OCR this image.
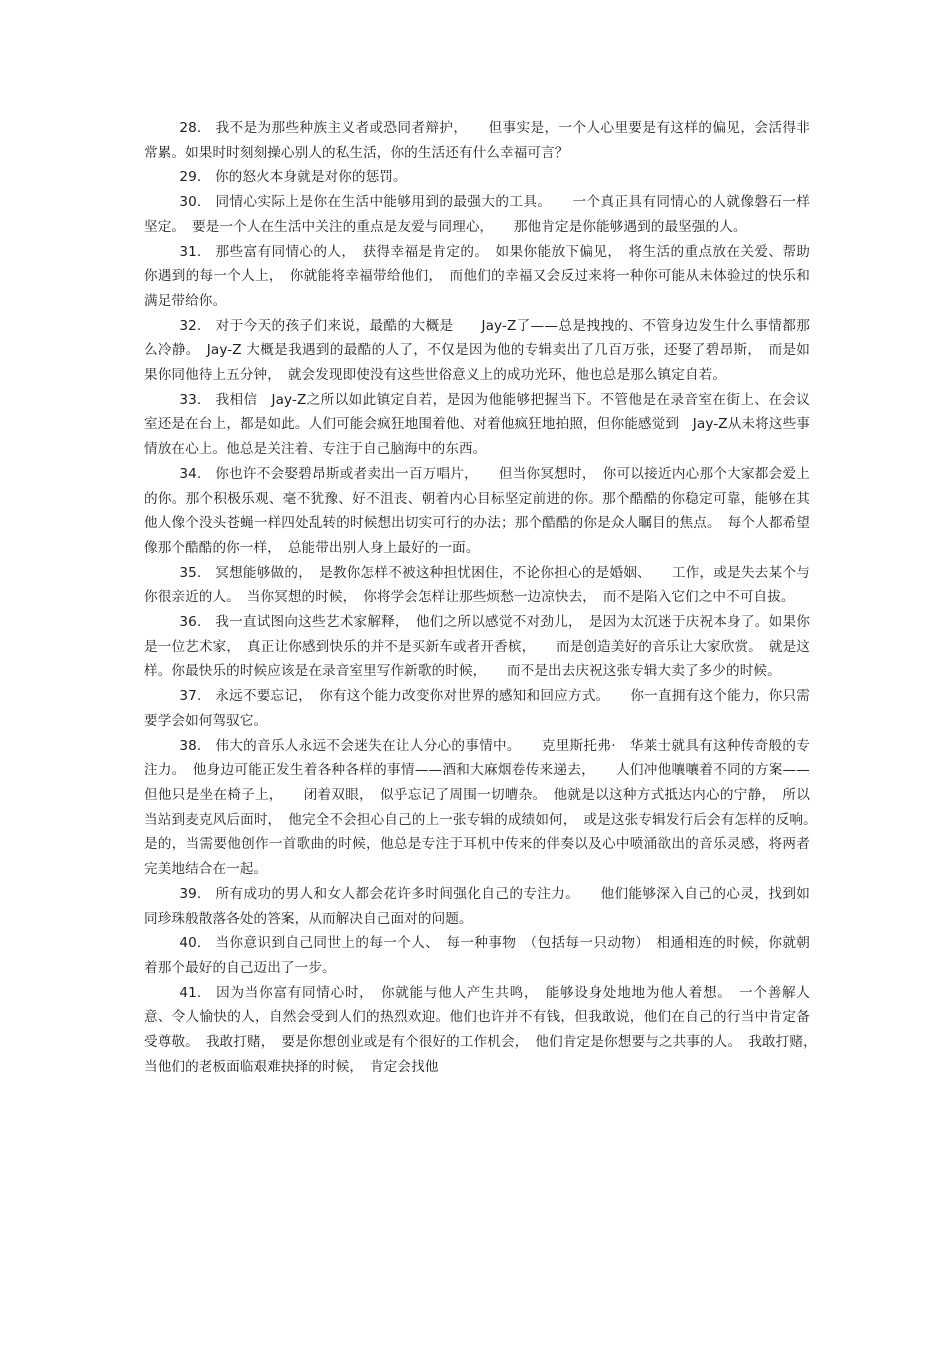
28.　我不是为那些种族主义者或恐同者辩护，　　但事实是，一个人心里要是有这样的偏见，会活得非常累。如果时时刻刻操心别人的私生活，你的生活还有什么幸福可言？

29.　你的怒火本身就是对你的惩罚。

30.　同情心实际上是你在生活中能够用到的最强大的工具。　　一个真正具有同情心的人就像磐石一样坚定。　要是一个人在生活中关注的重点是友爱与同理心，　　那他肯定是你能够遇到的最坚强的人。

31.　那些富有同情心的人，　获得幸福是肯定的。　如果你能放下偏见，　将生活的重点放在关爱、帮助你遇到的每一个人上，　你就能将幸福带给他们，　而他们的幸福又会反过来将一种你可能从未体验过的快乐和满足带给你。

32.　对于今天的孩子们来说，最酷的大概是　　Jay-Z了——总是拽拽的、不管身边发生什么事情都那么冷静。　Jay-Z 大概是我遇到的最酷的人了，不仅是因为他的专辑卖出了几百万张，还娶了碧昂斯，　而是如果你同他待上五分钟，　就会发现即使没有这些世俗意义上的成功光环，他也总是那么镇定自若。

33.　我相信　Jay-Z之所以如此镇定自若，是因为他能够把握当下。不管他是在录音室在街上、在会议室还是在台上，都是如此。人们可能会疯狂地围着他、对着他疯狂地拍照，但你能感觉到　Jay-Z从未将这些事情放在心上。他总是关注着、专注于自己脑海中的东西。

34.　你也许不会娶碧昂斯或者卖出一百万唱片，　　但当你冥想时，　你可以接近内心那个大家都会爱上的你。那个积极乐观、毫不犹豫、好不沮丧、朝着内心目标坚定前进的你。那个酷酷的你稳定可靠，能够在其他人像个没头苍蝇一样四处乱转的时候想出切实可行的办法；那个酷酷的你是众人瞩目的焦点。　每个人都希望像那个酷酷的你一样，　总能带出别人身上最好的一面。

35.　冥想能够做的，　是教你怎样不被这种担忧困住，不论你担心的是婚姻、　　工作，或是失去某个与你很亲近的人。　当你冥想的时候，　你将学会怎样让那些烦愁一边凉快去，　而不是陷入它们之中不可自拔。

36.　我一直试图向这些艺术家解释，　他们之所以感觉不对劲儿，　是因为太沉迷于庆祝本身了。如果你是一位艺术家，　真正让你感到快乐的并不是买新车或者开香槟，　　而是创造美好的音乐让大家欣赏。　就是这样。你最快乐的时候应该是在录音室里写作新歌的时候，　　而不是出去庆祝这张专辑大卖了多少的时候。

37.　永远不要忘记，　你有这个能力改变你对世界的感知和回应方式。　　你一直拥有这个能力，你只需要学会如何驾驭它。

38.　伟大的音乐人永远不会迷失在让人分心的事情中。　　克里斯托弗·　华莱士就具有这种传奇般的专注力。　他身边可能正发生着各种各样的事情——酒和大麻烟卷传来递去，　　人们冲他嚷嚷着不同的方案——但他只是坐在椅子上，　　闭着双眼，　似乎忘记了周围一切嘈杂。　他就是以这种方式抵达内心的宁静，　所以当站到麦克风后面时，　他完全不会担心自己的上一张专辑的成绩如何，　或是这张专辑发行后会有怎样的反响。　是的，当需要他创作一首歌曲的时候，他总是专注于耳机中传来的伴奏以及心中喷涌欲出的音乐灵感，将两者完美地结合在一起。

39.　所有成功的男人和女人都会花许多时间强化自己的专注力。　　他们能够深入自己的心灵，找到如同珍珠般散落各处的答案，从而解决自己面对的问题。

40.　当你意识到自己同世上的每一个人、　每一种事物　（包括每一只动物）　相通相连的时候，你就朝着那个最好的自己迈出了一步。

41.　因为当你富有同情心时，　你就能与他人产生共鸣，　能够设身处地地为他人着想。　一个善解人意、令人愉快的人，自然会受到人们的热烈欢迎。他们也许并不有钱，但我敢说，他们在自己的行当中肯定备受尊敬。　我敢打赌，　要是你想创业或是有个很好的工作机会，　他们肯定是你想要与之共事的人。　我敢打赌，　当他们的老板面临艰难抉择的时候，　肯定会找他
